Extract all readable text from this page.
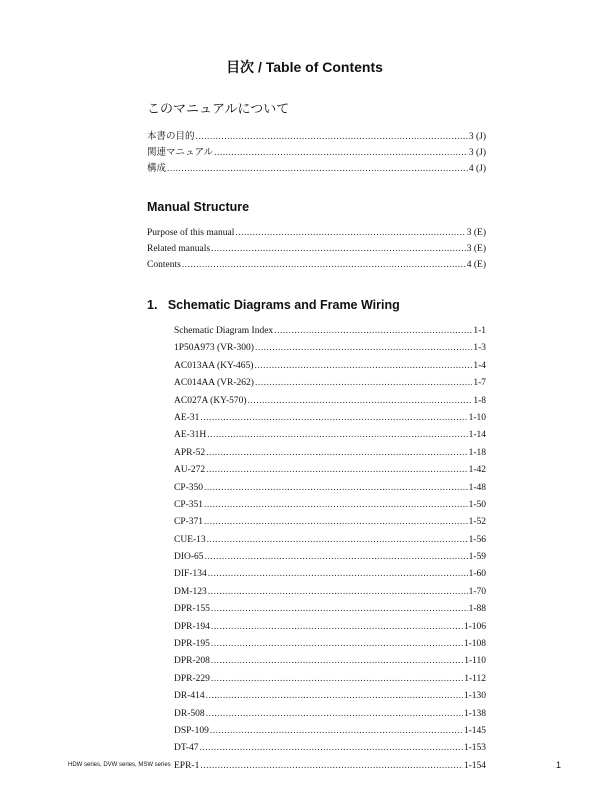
目次 / Table of Contents
このマニュアルについて
本書の目的 .....	3 (J)
関連マニュアル .....	3 (J)
構成 .....	4 (J)
Manual Structure
Purpose of this manual .....	3 (E)
Related manuals .....	3 (E)
Contents .....	4 (E)
1.   Schematic Diagrams and Frame Wiring
Schematic Diagram Index .....	1-1
1P50A973 (VR-300) .....	1-3
AC013AA (KY-465) .....	1-4
AC014AA (VR-262) .....	1-7
AC027A (KY-570) .....	1-8
AE-31 .....	1-10
AE-31H .....	1-14
APR-52 .....	1-18
AU-272 .....	1-42
CP-350 .....	1-48
CP-351 .....	1-50
CP-371 .....	1-52
CUE-13 .....	1-56
DIO-65 .....	1-59
DIF-134 .....	1-60
DM-123 .....	1-70
DPR-155 .....	1-88
DPR-194 .....	1-106
DPR-195 .....	1-108
DPR-208 .....	1-110
DPR-229 .....	1-112
DR-414 .....	1-130
DR-508 .....	1-138
DSP-109 .....	1-145
DT-47 .....	1-153
EPR-1 .....	1-154
HDW series, DVW series, MSW series	1
